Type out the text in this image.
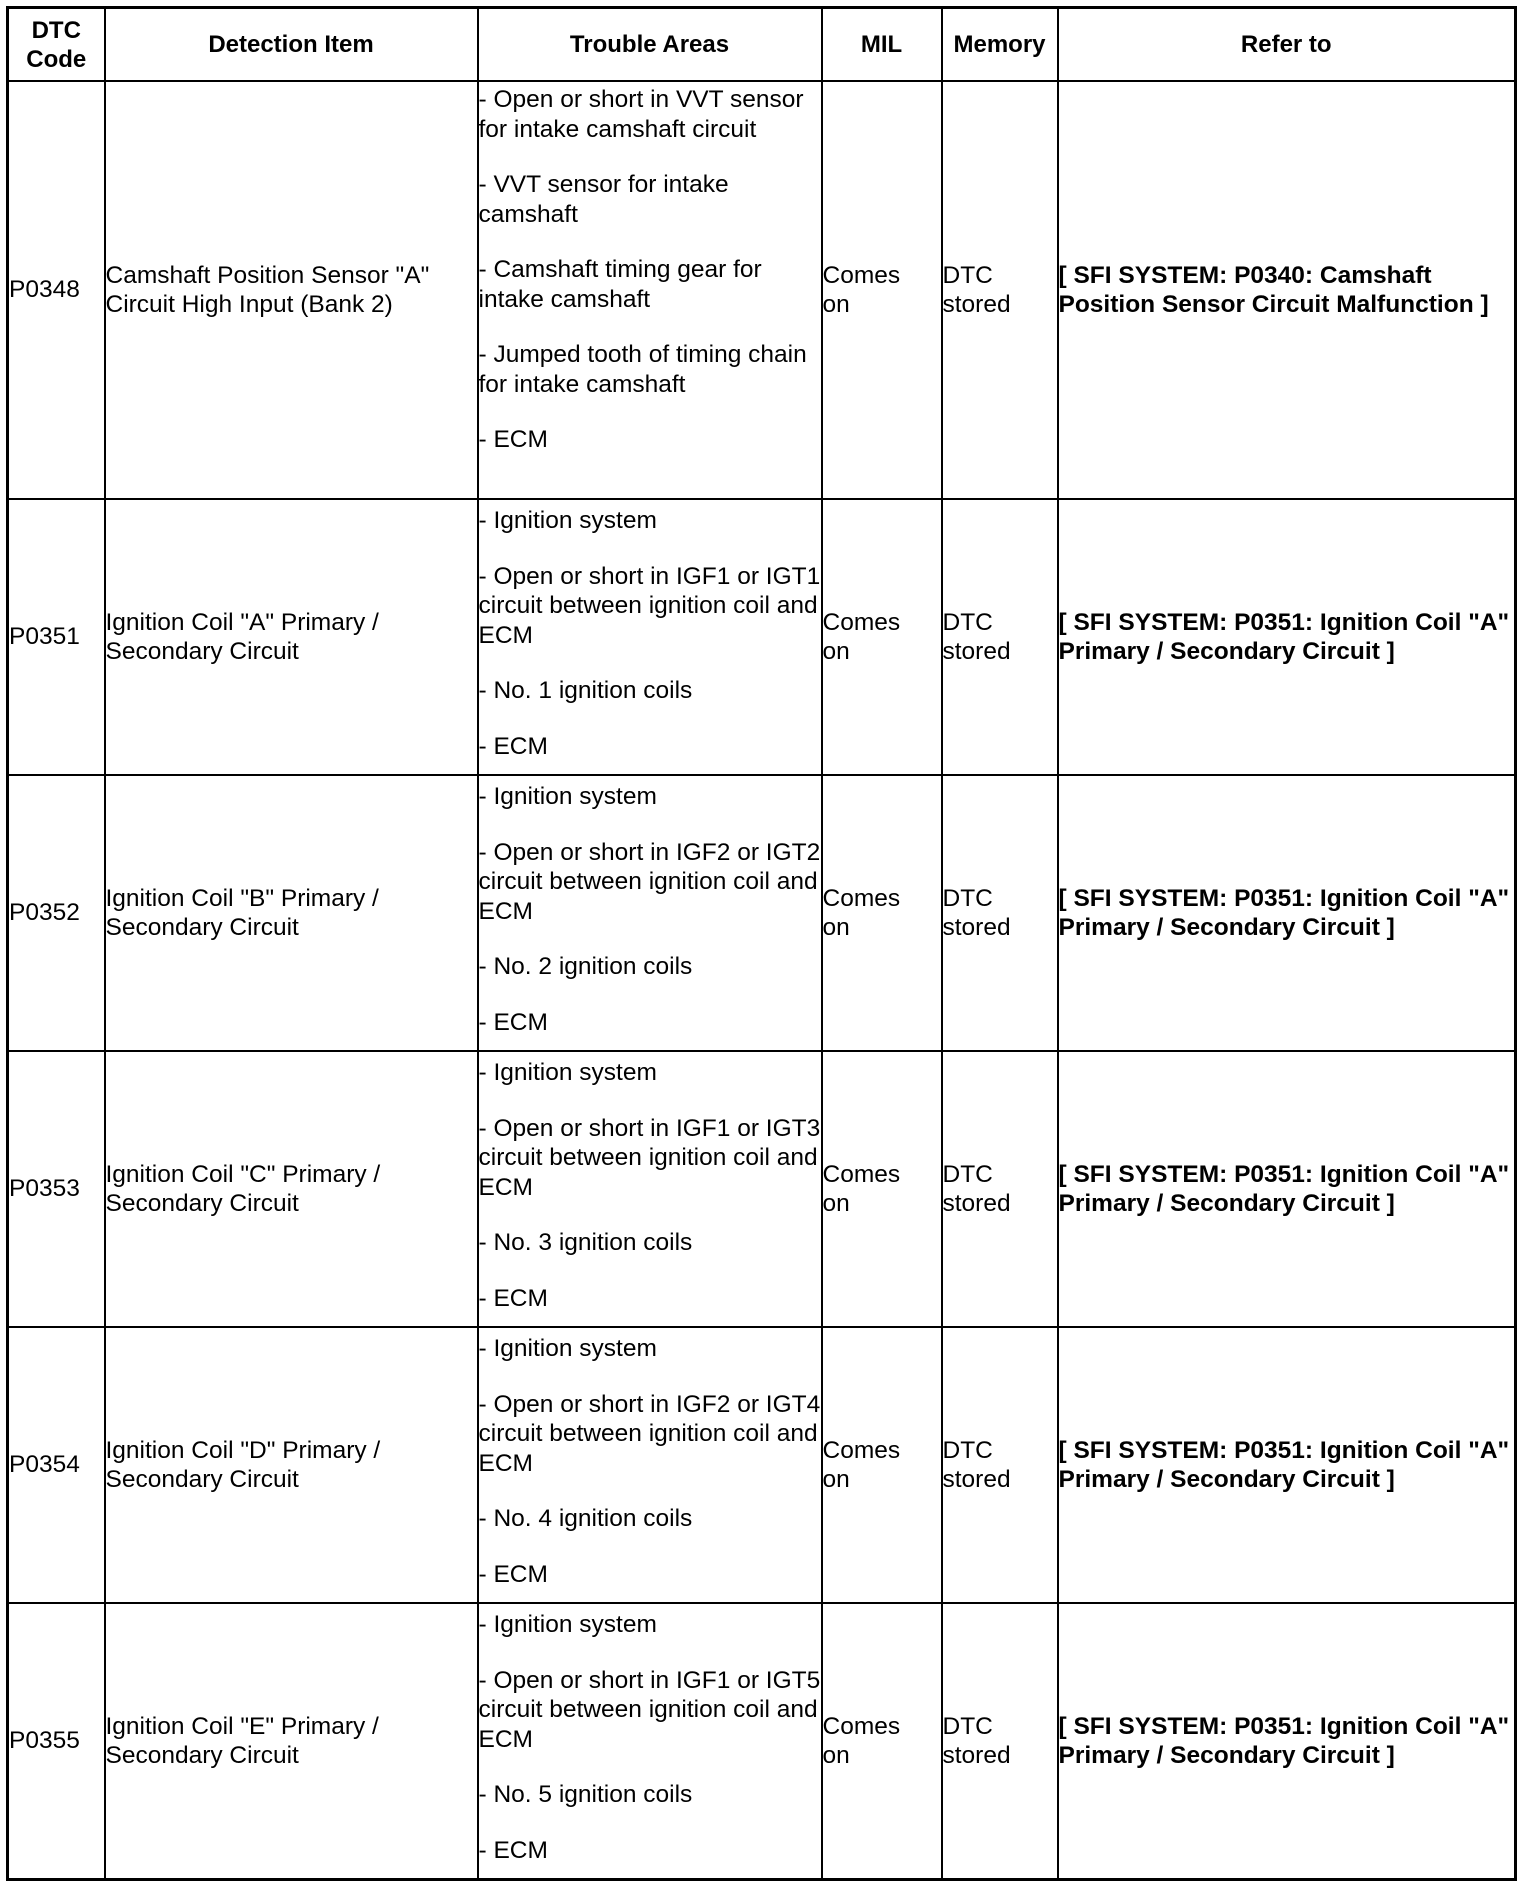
DTC Code	Detection Item	Trouble Areas	MIL	Memory	Refer to
P0348	Camshaft Position Sensor "A" Circuit High Input (Bank 2)	- Open or short in VVT sensor for intake camshaft circuit
- VVT sensor for intake camshaft
- Camshaft timing gear for intake camshaft
- Jumped tooth of timing chain for intake camshaft
- ECM	Comes on	DTC stored	[ SFI SYSTEM: P0340: Camshaft Position Sensor Circuit Malfunction ]
P0351	Ignition Coil "A" Primary / Secondary Circuit	- Ignition system
- Open or short in IGF1 or IGT1 circuit between ignition coil and ECM
- No. 1 ignition coils
- ECM	Comes on	DTC stored	[ SFI SYSTEM: P0351: Ignition Coil "A" Primary / Secondary Circuit ]
P0352	Ignition Coil "B" Primary / Secondary Circuit	- Ignition system
- Open or short in IGF2 or IGT2 circuit between ignition coil and ECM
- No. 2 ignition coils
- ECM	Comes on	DTC stored	[ SFI SYSTEM: P0351: Ignition Coil "A" Primary / Secondary Circuit ]
P0353	Ignition Coil "C" Primary / Secondary Circuit	- Ignition system
- Open or short in IGF1 or IGT3 circuit between ignition coil and ECM
- No. 3 ignition coils
- ECM	Comes on	DTC stored	[ SFI SYSTEM: P0351: Ignition Coil "A" Primary / Secondary Circuit ]
P0354	Ignition Coil "D" Primary / Secondary Circuit	- Ignition system
- Open or short in IGF2 or IGT4 circuit between ignition coil and ECM
- No. 4 ignition coils
- ECM	Comes on	DTC stored	[ SFI SYSTEM: P0351: Ignition Coil "A" Primary / Secondary Circuit ]
P0355	Ignition Coil "E" Primary / Secondary Circuit	- Ignition system
- Open or short in IGF1 or IGT5 circuit between ignition coil and ECM
- No. 5 ignition coils
- ECM	Comes on	DTC stored	[ SFI SYSTEM: P0351: Ignition Coil "A" Primary / Secondary Circuit ]
